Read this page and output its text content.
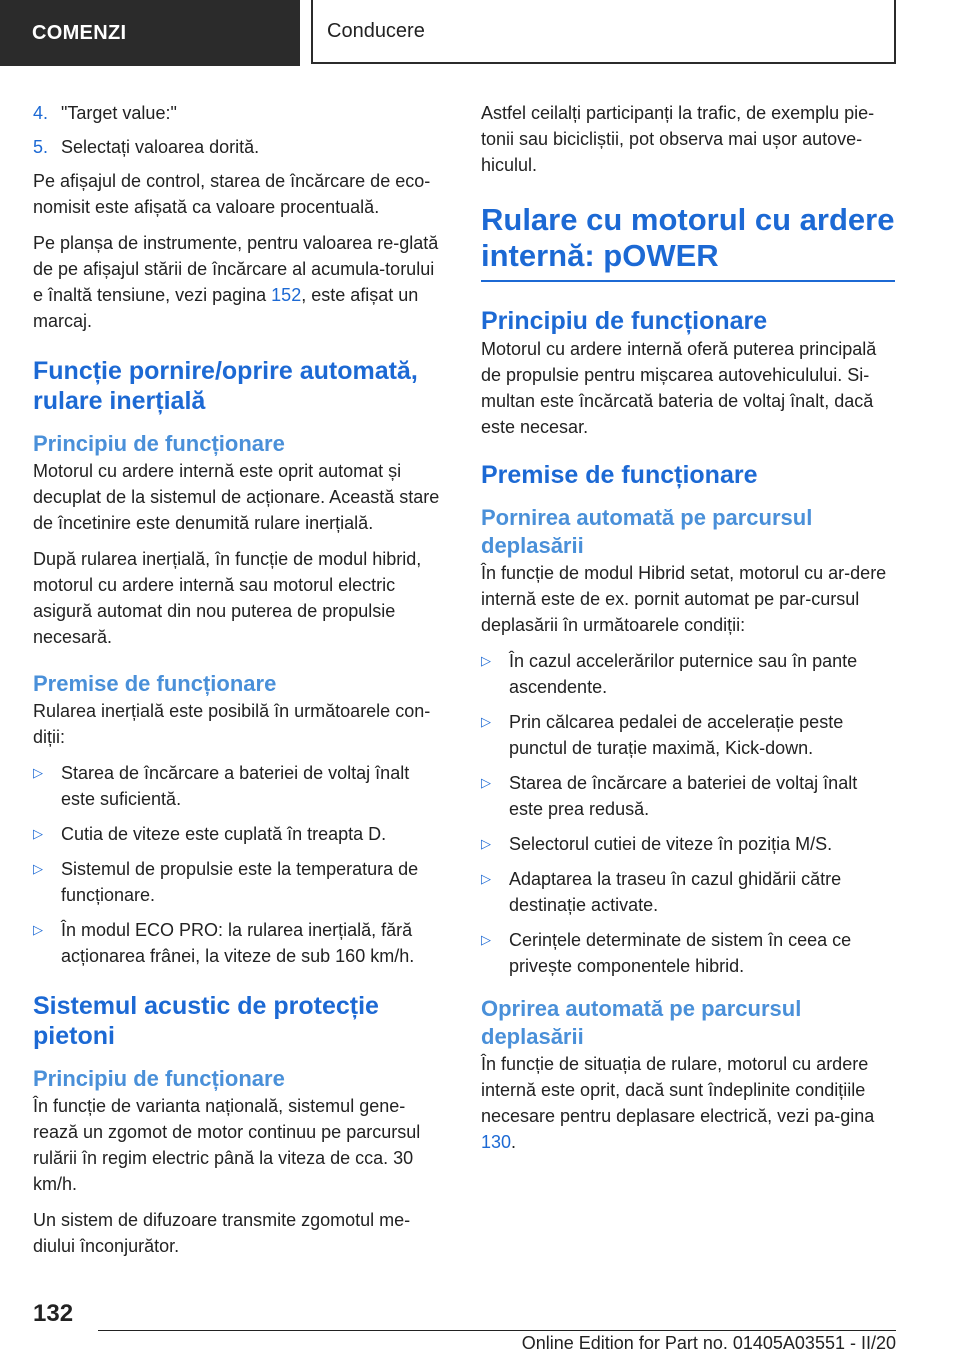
COMENZI	Conducere
4. "Target value:"
5. Selectați valoarea dorită.

Pe afișajul de control, starea de încărcare de eco-nomisit este afișată ca valoare procentuală.

Pe planșa de instrumente, pentru valoarea re-glată de pe afișajul stării de încărcare al acumula-torului e înaltă tensiune, vezi pagina 152, este afișat un marcaj.

Funcție pornire/oprire automată, rulare inerțială
Principiu de funcționare

Motorul cu ardere internă este oprit automat și decuplat de la sistemul de acționare. Această stare de încetinire este denumită rulare inerțială.

După rularea inerțială, în funcție de modul hibrid, motorul cu ardere internă sau motorul electric asigură automat din nou puterea de propulsie necesară.

Premise de funcționare

Rularea inerțială este posibilă în următoarele con-diții:

▷	Starea de încărcare a bateriei de voltaj înalt este suficientă.
▷	Cutia de viteze este cuplată în treapta D.
▷	Sistemul de propulsie este la temperatura de funcționare.
▷	În modul ECO PRO: la rularea inerțială, fără acționarea frânei, la viteze de sub 160 km/h.
Sistemul acustic de protecție pietoni
Principiu de funcționare

În funcție de varianta națională, sistemul gene-rează un zgomot de motor continuu pe parcursul rulării în regim electric până la viteza de cca. 30 km/h.

Un sistem de difuzoare transmite zgomotul me-diului înconjurător.

Astfel ceilalți participanți la trafic, de exemplu pie-tonii sau bicicliștii, pot observa mai ușor autove-hiculul.

Rulare cu motorul cu ardere internă: pOWER
Principiu de funcționare

Motorul cu ardere internă oferă puterea principală de propulsie pentru mișcarea autovehiculului. Si-multan este încărcată bateria de voltaj înalt, dacă este necesar.

Premise de funcționare
Pornirea automată pe parcursul deplasării

În funcție de modul Hibrid setat, motorul cu ar-dere internă este de ex. pornit automat pe par-cursul deplasării în următoarele condiții:

▷	În cazul accelerărilor puternice sau în pante ascendente.
▷	Prin călcarea pedalei de accelerație peste punctul de turație maximă, Kick-down.
▷	Starea de încărcare a bateriei de voltaj înalt este prea redusă.
▷	Selectorul cutiei de viteze în poziția M/S.
▷	Adaptarea la traseu în cazul ghidării către destinație activate.
▷	Cerințele determinate de sistem în ceea ce privește componentele hibrid.
Oprirea automată pe parcursul deplasării

În funcție de situația de rulare, motorul cu ardere internă este oprit, dacă sunt îndeplinite condițiile necesare pentru deplasare electrică, vezi pa-gina 130.

132
Online Edition for Part no. 01405A03551 - II/20
